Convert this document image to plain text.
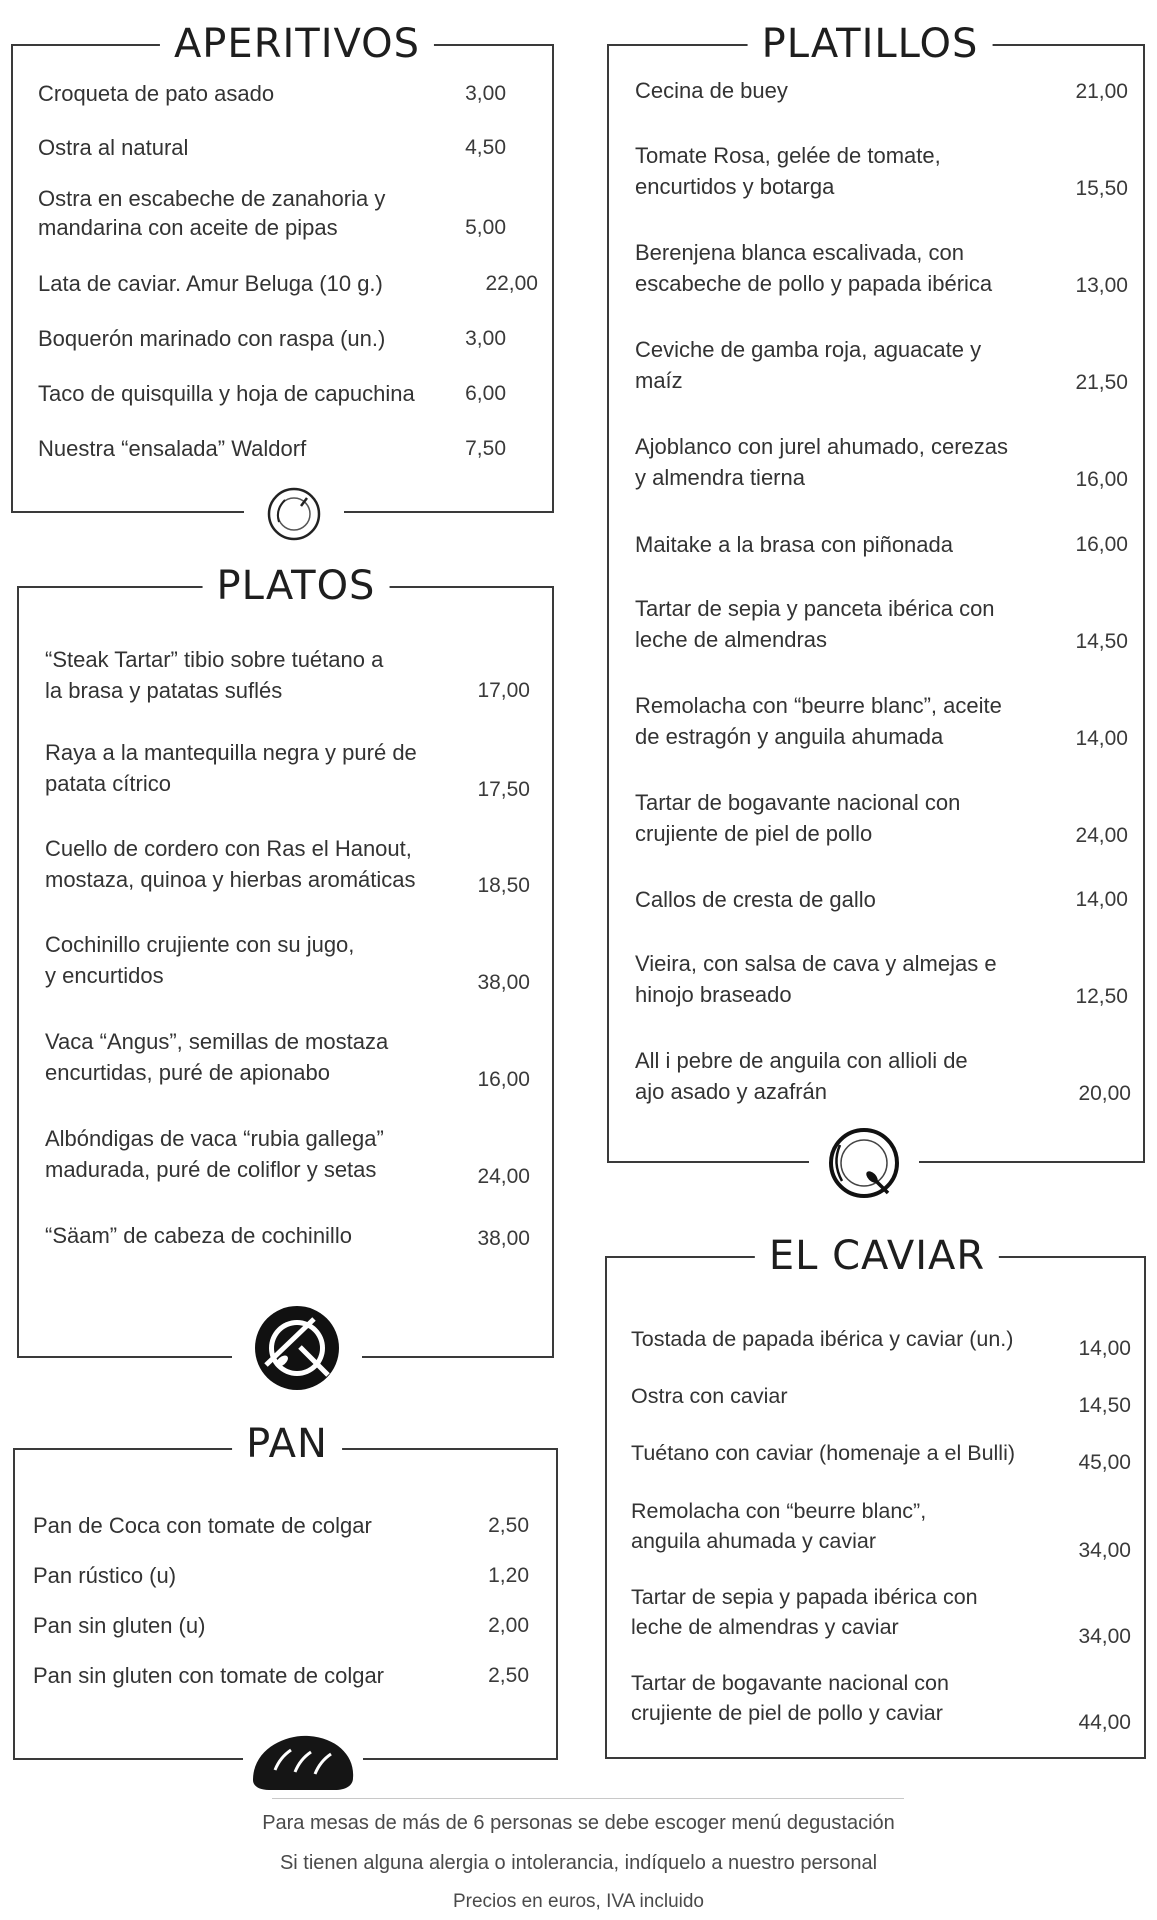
APERITIVOS
Croqueta de pato asado	3,00
Ostra al natural	4,50
Ostra en escabeche de zanahoria y
mandarina con aceite de pipas	5,00
Lata de caviar. Amur Beluga (10 g.)	22,00
Boquerón marinado con raspa (un.)	3,00
Taco de quisquilla y hoja de capuchina 6,00
Nuestra “ensalada” Waldorf	7,50
PLATOS
“Steak Tartar” tibio sobre tuétano a
la brasa y patatas suflés	17,00
Raya a la mantequilla negra y puré de
patata cítrico	17,50
Cuello de cordero con Ras el Hanout,
mostaza, quinoa y hierbas aromáticas	18,50
Cochinillo crujiente con su jugo,
y encurtidos	38,00
Vaca “Angus”, semillas de mostaza
encurtidas, puré de apionabo	16,00
Albóndigas de vaca “rubia gallega”
madurada, puré de coliflor y setas	24,00
“Säam” de cabeza de cochinillo	38,00
PAN
Pan de Coca con tomate de colgar	2,50
Pan rústico (u)	1,20
Pan sin gluten (u)	2,00
Pan sin gluten con tomate de colgar	2,50
PLATILLOS
Cecina de buey	21,00
Tomate Rosa, gelée de tomate,
encurtidos y botarga	15,50
Berenjena blanca escalivada, con
escabeche de pollo y papada ibérica	13,00
Ceviche de gamba roja, aguacate y
maíz	21,50
Ajoblanco con jurel ahumado, cerezas
y almendra tierna	16,00
Maitake a la brasa con piñonada	16,00
Tartar de sepia y panceta ibérica con
leche de almendras	14,50
Remolacha con “beurre blanc”, aceite
de estragón y anguila ahumada	14,00
Tartar de bogavante nacional con
crujiente de piel de pollo	24,00
Callos de cresta de gallo	14,00
Vieira, con salsa de cava y almejas e
hinojo braseado	12,50
All i pebre de anguila con allioli de
ajo asado y azafrán	20,00
EL CAVIAR
Tostada de papada ibérica y caviar (un.)	14,00
Ostra con caviar	14,50
Tuétano con caviar (homenaje a el Bulli)	45,00
Remolacha con “beurre blanc”,
anguila ahumada y caviar	34,00
Tartar de sepia y papada ibérica con
leche de almendras y caviar	34,00
Tartar de bogavante nacional con
crujiente de piel de pollo y caviar	44,00
Para mesas de más de 6 personas se debe escoger menú degustación
Si tienen alguna alergia o intolerancia, indíquelo a nuestro personal
Precios en euros, IVA incluido
